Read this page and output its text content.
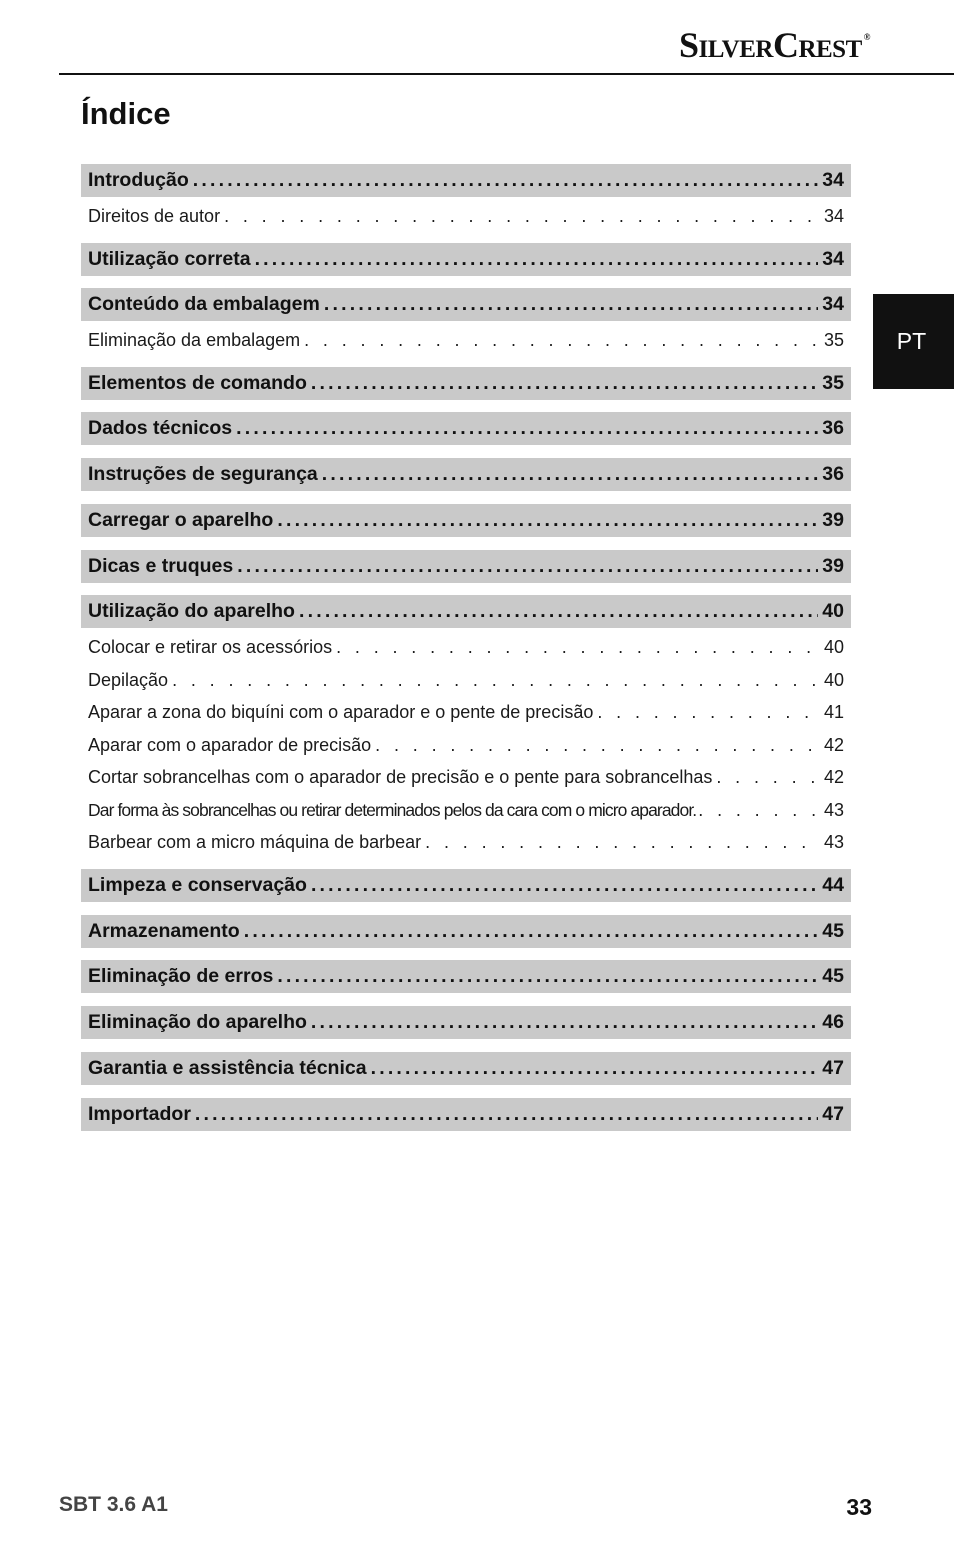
SilverCrest ®
Índice
PT
Introdução .....	34
Direitos de autor . . .	34
Utilização correta .....	34
Conteúdo da embalagem .....	34
Eliminação da embalagem . . .	35
Elementos de comando .....	35
Dados técnicos .....	36
Instruções de segurança .....	36
Carregar o aparelho .....	39
Dicas e truques .....	39
Utilização do aparelho .....	40
Colocar e retirar os acessórios . . .	40
Depilação . . .	40
Aparar a zona do biquíni com o aparador e o pente de precisão . . .	41
Aparar com o aparador de precisão . . .	42
Cortar sobrancelhas com o aparador de precisão e o pente para sobrancelhas . . .	42
Dar forma às sobrancelhas ou retirar determinados pelos da cara com o micro aparador. . . .	43
Barbear com a micro máquina de barbear . . .	43
Limpeza e conservação .....	44
Armazenamento .....	45
Eliminação de erros .....	45
Eliminação do aparelho .....	46
Garantia e assistência técnica .....	47
Importador .....	47
SBT 3.6 A1	33
